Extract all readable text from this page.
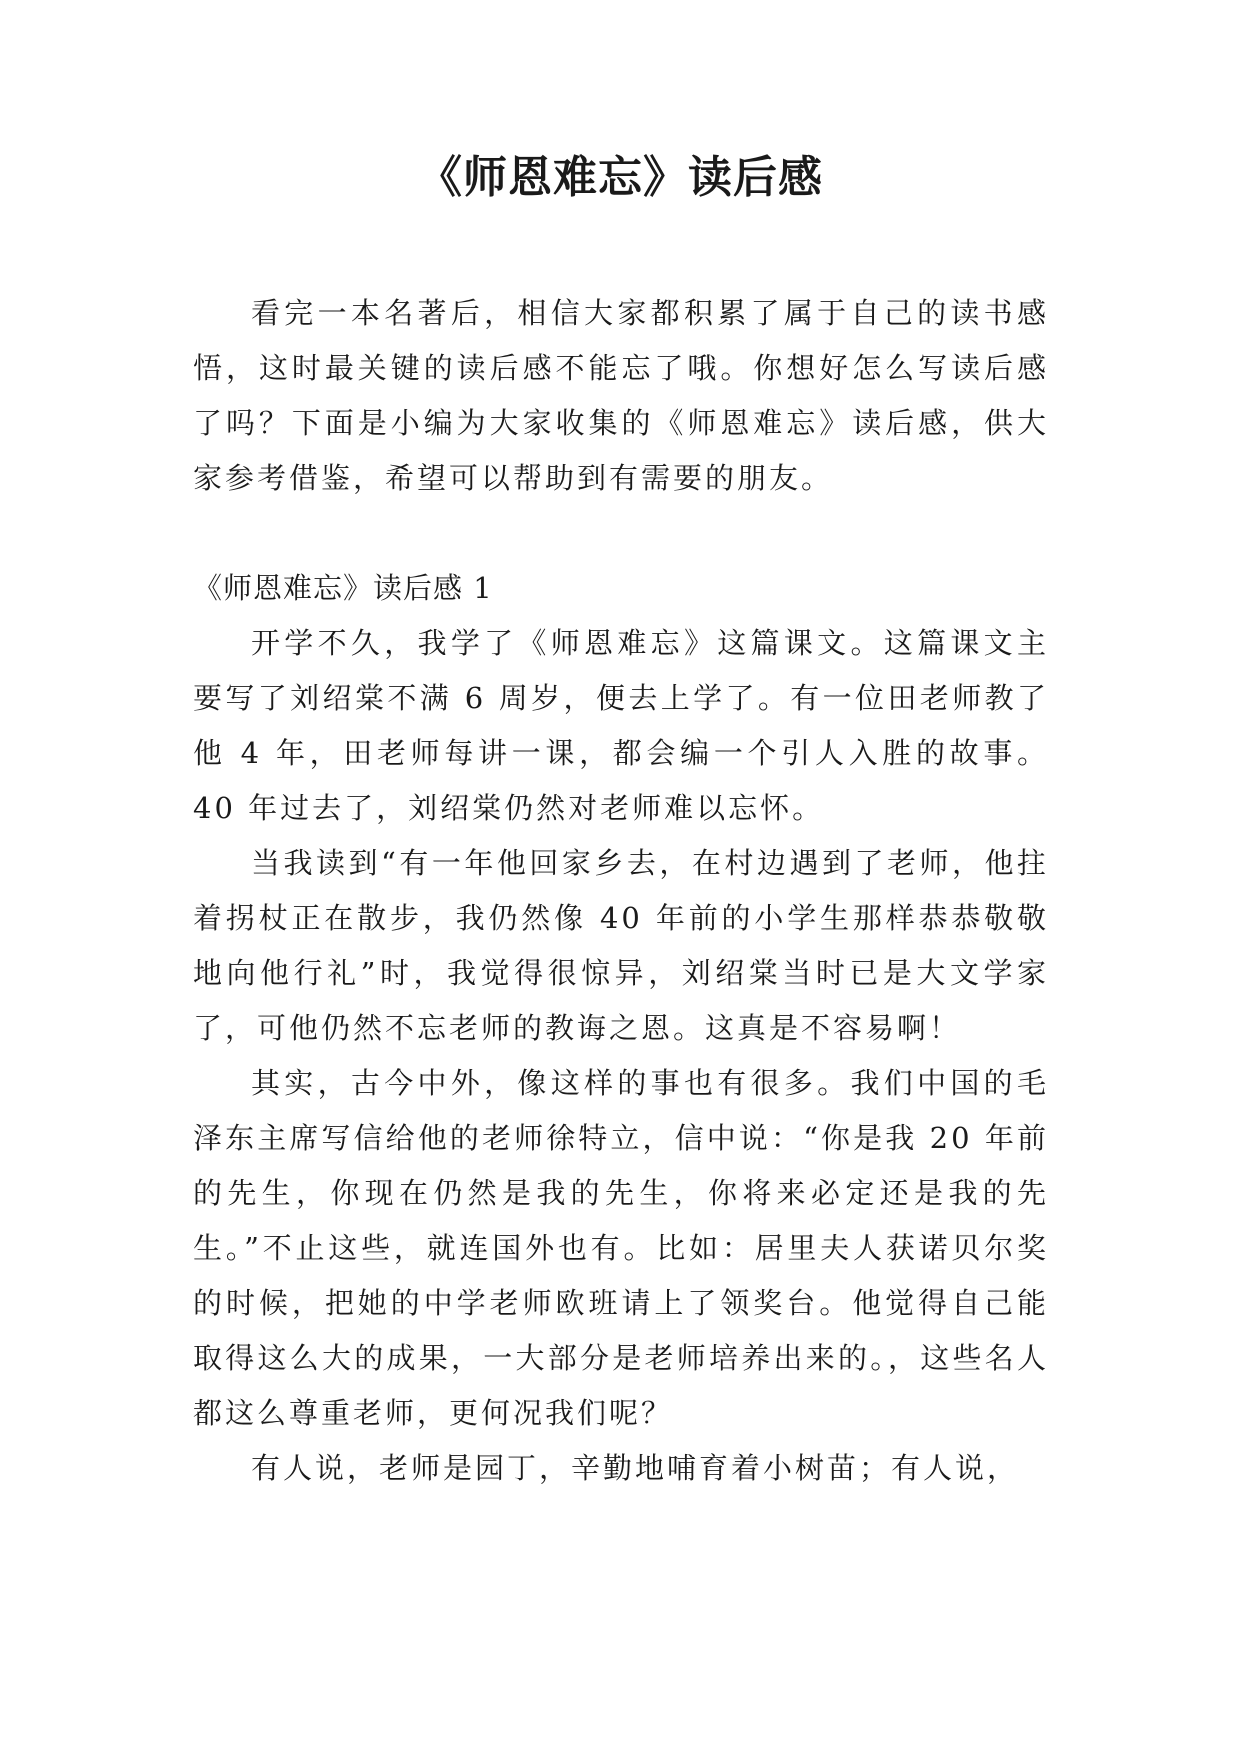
《师恩难忘》读后感

看完一本名著后，相信大家都积累了属于自己的读书感悟，这时最关键的读后感不能忘了哦。你想好怎么写读后感了吗？下面是小编为大家收集的《师恩难忘》读后感，供大家参考借鉴，希望可以帮助到有需要的朋友。

《师恩难忘》读后感 1

开学不久，我学了《师恩难忘》这篇课文。这篇课文主要写了刘绍棠不满 6 周岁，便去上学了。有一位田老师教了他 4 年，田老师每讲一课，都会编一个引人入胜的故事。40 年过去了，刘绍棠仍然对老师难以忘怀。

当我读到“有一年他回家乡去，在村边遇到了老师，他拄着拐杖正在散步，我仍然像 40 年前的小学生那样恭恭敬敬地向他行礼”时，我觉得很惊异，刘绍棠当时已是大文学家了，可他仍然不忘老师的教诲之恩。这真是不容易啊！

其实，古今中外，像这样的事也有很多。我们中国的毛泽东主席写信给他的老师徐特立，信中说：“你是我 20 年前的先生，你现在仍然是我的先生，你将来必定还是我的先生。”不止这些，就连国外也有。比如：居里夫人获诺贝尔奖的时候，把她的中学老师欧班请上了领奖台。他觉得自己能取得这么大的成果，一大部分是老师培养出来的。，这些名人都这么尊重老师，更何况我们呢？

有人说，老师是园丁，辛勤地哺育着小树苗；有人说，
